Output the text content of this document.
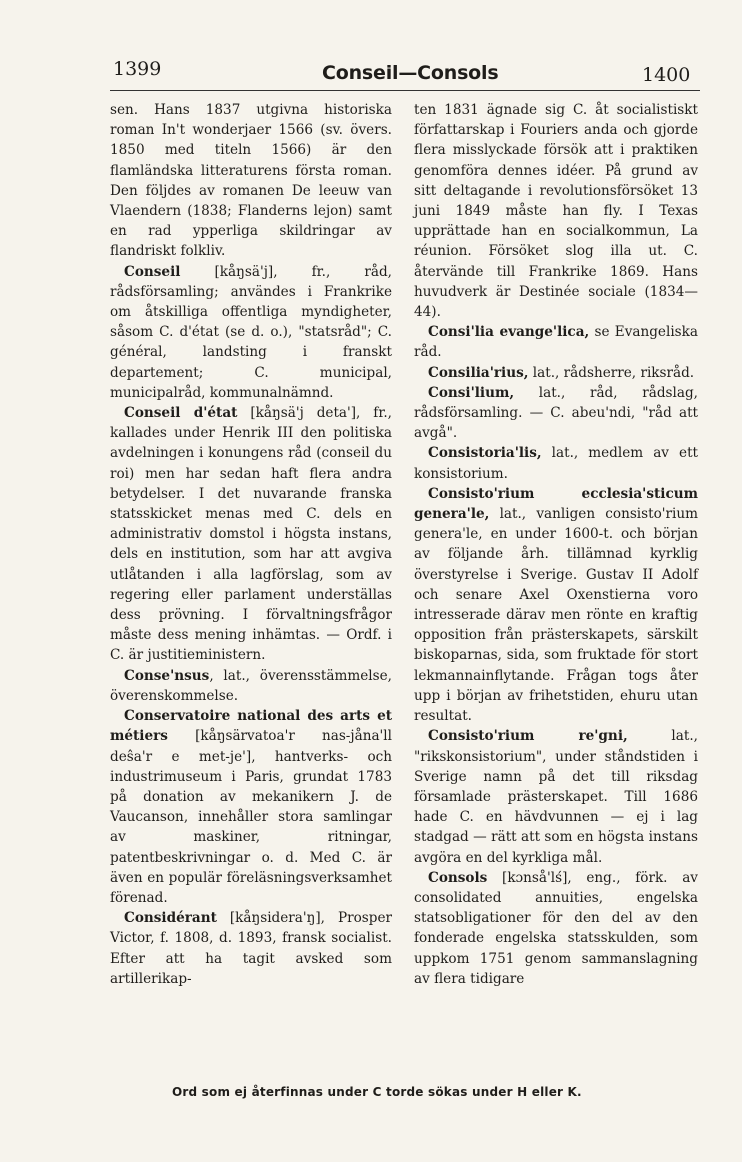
1399	Conseil—Consols	1400

sen. Hans 1837 utgivna historiska roman In't wonderjaer 1566 (sv. övers. 1850 med titeln 1566) är den flamländska litteraturens första roman. Den följdes av romanen De leeuw van Vlaendern (1838; Flanderns lejon) samt en rad ypperliga skildringar av flandriskt folkliv.

Conseil [kåŋsä'j], fr., råd, rådsförsamling; användes i Frankrike om åtskilliga offentliga myndigheter, såsom C. d'état (se d. o.), "statsråd"; C. général, landsting i franskt departement; C. municipal, municipalråd, kommunalnämnd.

Conseil d'état [kåŋsä'j deta'], fr., kallades under Henrik III den politiska avdelningen i konungens råd (conseil du roi) men har sedan haft flera andra betydelser. I det nuvarande franska statsskicket menas med C. dels en administrativ domstol i högsta instans, dels en institution, som har att avgiva utlåtanden i alla lagförslag, som av regering eller parlament underställas dess prövning. I förvaltningsfrågor måste dess mening inhämtas. — Ordf. i C. är justitieministern.

Conse'nsus, lat., överensstämmelse, överenskommelse.

Conservatoire national des arts et métiers [kåŋsärvatoa'r nas-jåna'll deŝa'r e met-je'], hantverks- och industrimuseum i Paris, grundat 1783 på donation av mekanikern J. de Vaucanson, innehåller stora samlingar av maskiner, ritningar, patentbeskrivningar o. d. Med C. är även en populär föreläsningsverksamhet förenad.

Considérant [kåŋsidera'ŋ], Prosper Victor, f. 1808, d. 1893, fransk socialist. Efter att ha tagit avsked som artillerikap-

ten 1831 ägnade sig C. åt socialistiskt författarskap i Fouriers anda och gjorde flera misslyckade försök att i praktiken genomföra dennes idéer. På grund av sitt deltagande i revolutionsförsöket 13 juni 1849 måste han fly. I Texas upprättade han en socialkommun, La réunion. Försöket slog illa ut. C. återvände till Frankrike 1869. Hans huvudverk är Destinée sociale (1834—44).

Consi'lia evange'lica, se Evangeliska råd.

Consilia'rius, lat., rådsherre, riksråd.

Consi'lium, lat., råd, rådslag, rådsförsamling. — C. abeu'ndi, "råd att avgå".

Consistoria'lis, lat., medlem av ett konsistorium.

Consisto'rium ecclesia'sticum genera'le, lat., vanligen consisto'rium genera'le, en under 1600-t. och början av följande årh. tillämnad kyrklig överstyrelse i Sverige. Gustav II Adolf och senare Axel Oxenstierna voro intresserade därav men rönte en kraftig opposition från prästerskapets, särskilt biskoparnas, sida, som fruktade för stort lekmannainflytande. Frågan togs åter upp i början av frihetstiden, ehuru utan resultat.

Consisto'rium re'gni, lat., "rikskonsistorium", under ståndstiden i Sverige namn på det till riksdag församlade prästerskapet. Till 1686 hade C. en hävdvunnen — ej i lag stadgad — rätt att som en högsta instans avgöra en del kyrkliga mål.

Consols [kɔnså'lś], eng., förk. av consolidated annuities, engelska statsobligationer för den del av den fonderade engelska statsskulden, som uppkom 1751 genom sammanslagning av flera tidigare

Ord som ej återfinnas under C torde sökas under H eller K.
